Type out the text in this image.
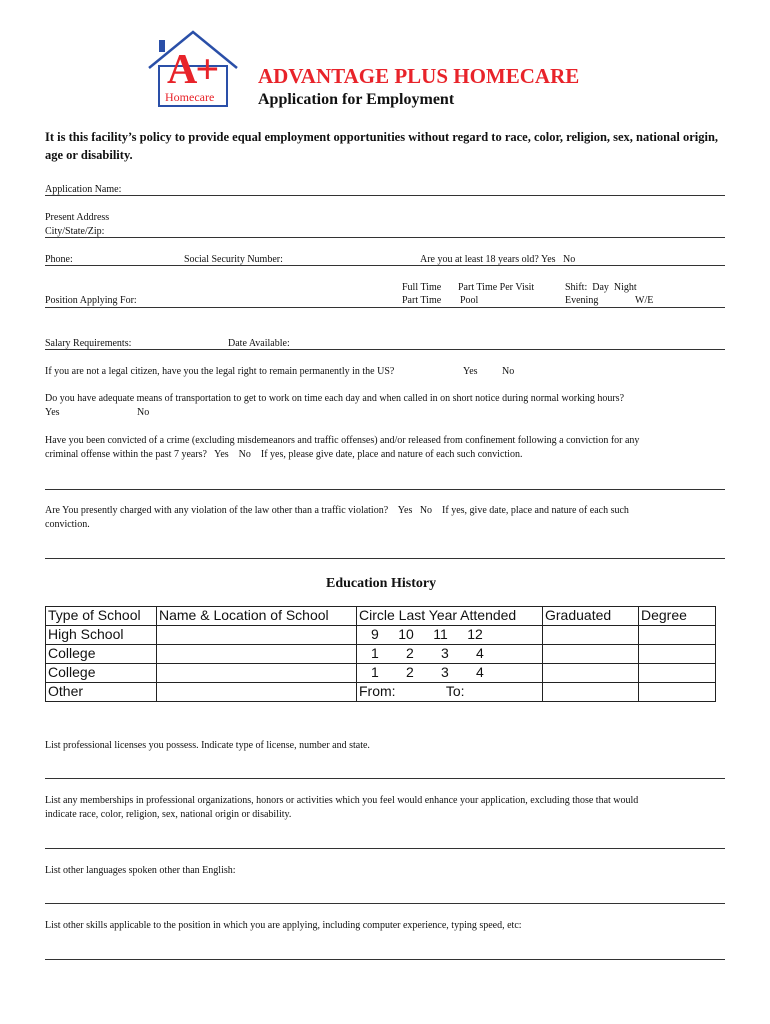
A+
Homecare
ADVANTAGE PLUS HOMECARE
Application for Employment
It is this facility’s policy to provide equal employment opportunities without regard to race, color, religion, sex, national origin, age or disability.
Application Name:
Present Address
City/State/Zip:
Phone:	Social Security Number:	Are you at least 18 years old? Yes   No
Full Time
Part Time
Part Time Per Visit
Pool
Shift:  Day  Night
Evening	W/E
Position Applying For:
Salary Requirements:	Date Available:
If you are not a legal citizen, have you the legal right to remain permanently in the US?	Yes No
Do you have adequate means of transportation to get to work on time each day and when called in on short notice during normal working hours?
Yes	No
Have you been convicted of a crime (excluding misdemeanors and traffic offenses) and/or released from confinement following a conviction for any
criminal offense within the past 7 years?   Yes    No    If yes, please give date, place and nature of each such conviction.
Are You presently charged with any violation of the law other than a traffic violation?    Yes   No    If yes, give date, place and nature of each such
conviction.
Education History
Type of School	Name & Location of School	Circle Last Year Attended	Graduated	Degree
High School		9     10     11     12		
College		1       2       3       4		
College		1       2       3       4		
Other		From:             To:		
List professional licenses you possess. Indicate type of license, number and state.
List any memberships in professional organizations, honors or activities which you feel would enhance your application, excluding those that would
indicate race, color, religion, sex, national origin or disability.
List other languages spoken other than English:
List other skills applicable to the position in which you are applying, including computer experience, typing speed, etc:
